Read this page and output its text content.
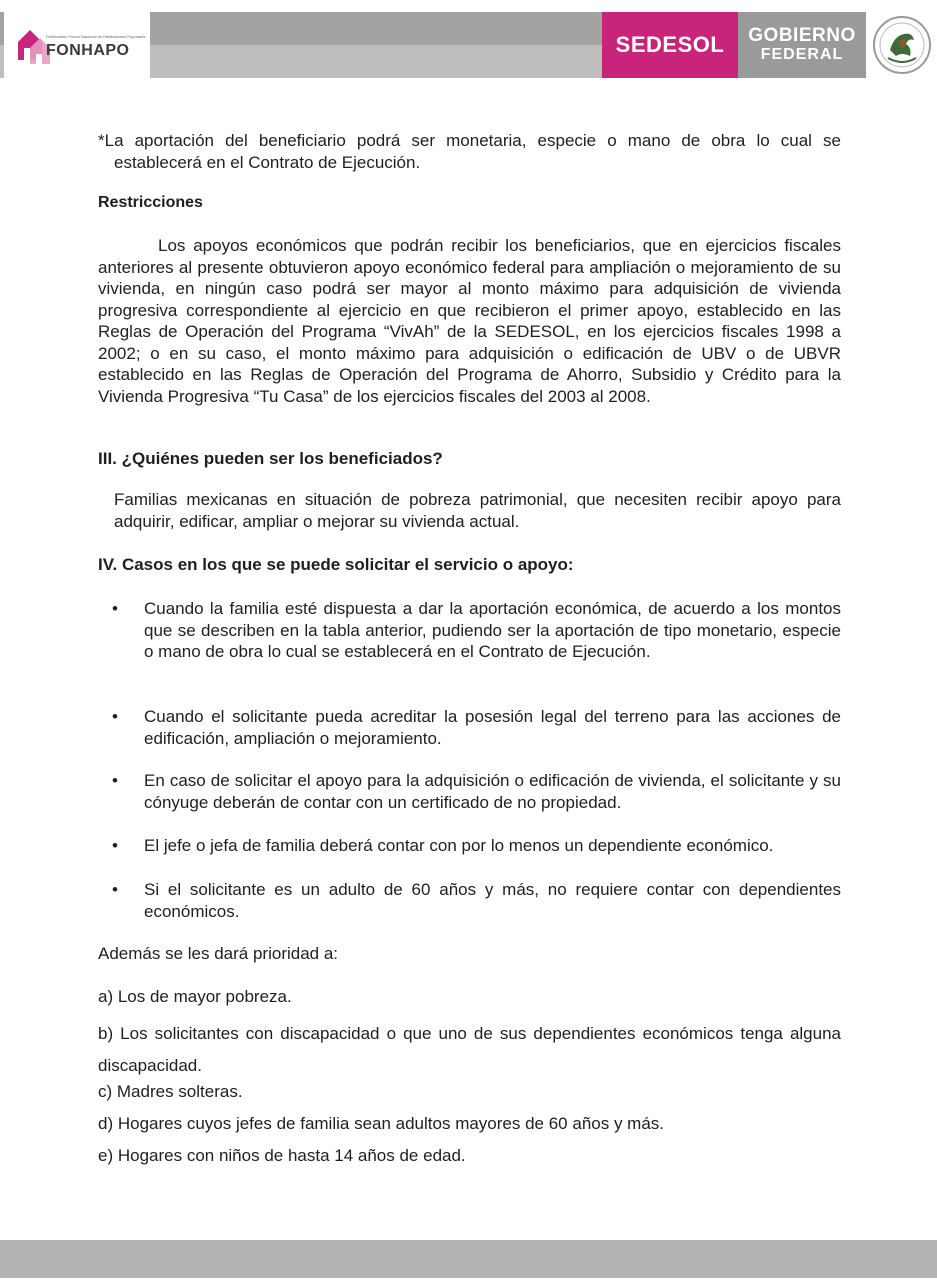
Fideicomiso Fondo Nacional de Habitaciones Populares
FONHAPO	SEDESOL GOBIERNO
FEDERAL
*La aportación del beneficiario podrá ser monetaria, especie o mano de obra lo cual se establecerá en el Contrato de Ejecución.
Restricciones
Los apoyos económicos que podrán recibir los beneficiarios, que en ejercicios fiscales anteriores al presente obtuvieron apoyo económico federal para ampliación o mejoramiento de su vivienda, en ningún caso podrá ser mayor al monto máximo para adquisición de vivienda progresiva correspondiente al ejercicio en que recibieron el primer apoyo, establecido en las Reglas de Operación del Programa “VivAh” de la SEDESOL, en los ejercicios fiscales 1998 a 2002; o en su caso, el monto máximo para adquisición o edificación de UBV o de UBVR establecido en las Reglas de Operación del Programa de Ahorro, Subsidio y Crédito para la Vivienda Progresiva “Tu Casa” de los ejercicios fiscales del 2003 al 2008.
III. ¿Quiénes pueden ser los beneficiados?
Familias mexicanas en situación de pobreza patrimonial, que necesiten recibir apoyo para adquirir, edificar, ampliar o mejorar su vivienda actual.
IV. Casos en los que se puede solicitar el servicio o apoyo:
• Cuando la familia esté dispuesta a dar la aportación económica, de acuerdo a los montos que se describen en la tabla anterior, pudiendo ser la aportación de tipo monetario, especie o mano de obra lo cual se establecerá en el Contrato de Ejecución.
• Cuando el solicitante pueda acreditar la posesión legal del terreno para las acciones de edificación, ampliación o mejoramiento.
• En caso de solicitar el apoyo para la adquisición o edificación de vivienda, el solicitante y su cónyuge deberán de contar con un certificado de no propiedad.
• El jefe o jefa de familia deberá contar con por lo menos un dependiente económico.
• Si el solicitante es un adulto de 60 años y más, no requiere contar con dependientes económicos.
Además se les dará prioridad a:
a) Los de mayor pobreza.
b) Los solicitantes con discapacidad o que uno de sus dependientes económicos tenga alguna discapacidad.
c) Madres solteras.
d) Hogares cuyos jefes de familia sean adultos mayores de 60 años y más.
e) Hogares con niños de hasta 14 años de edad.
